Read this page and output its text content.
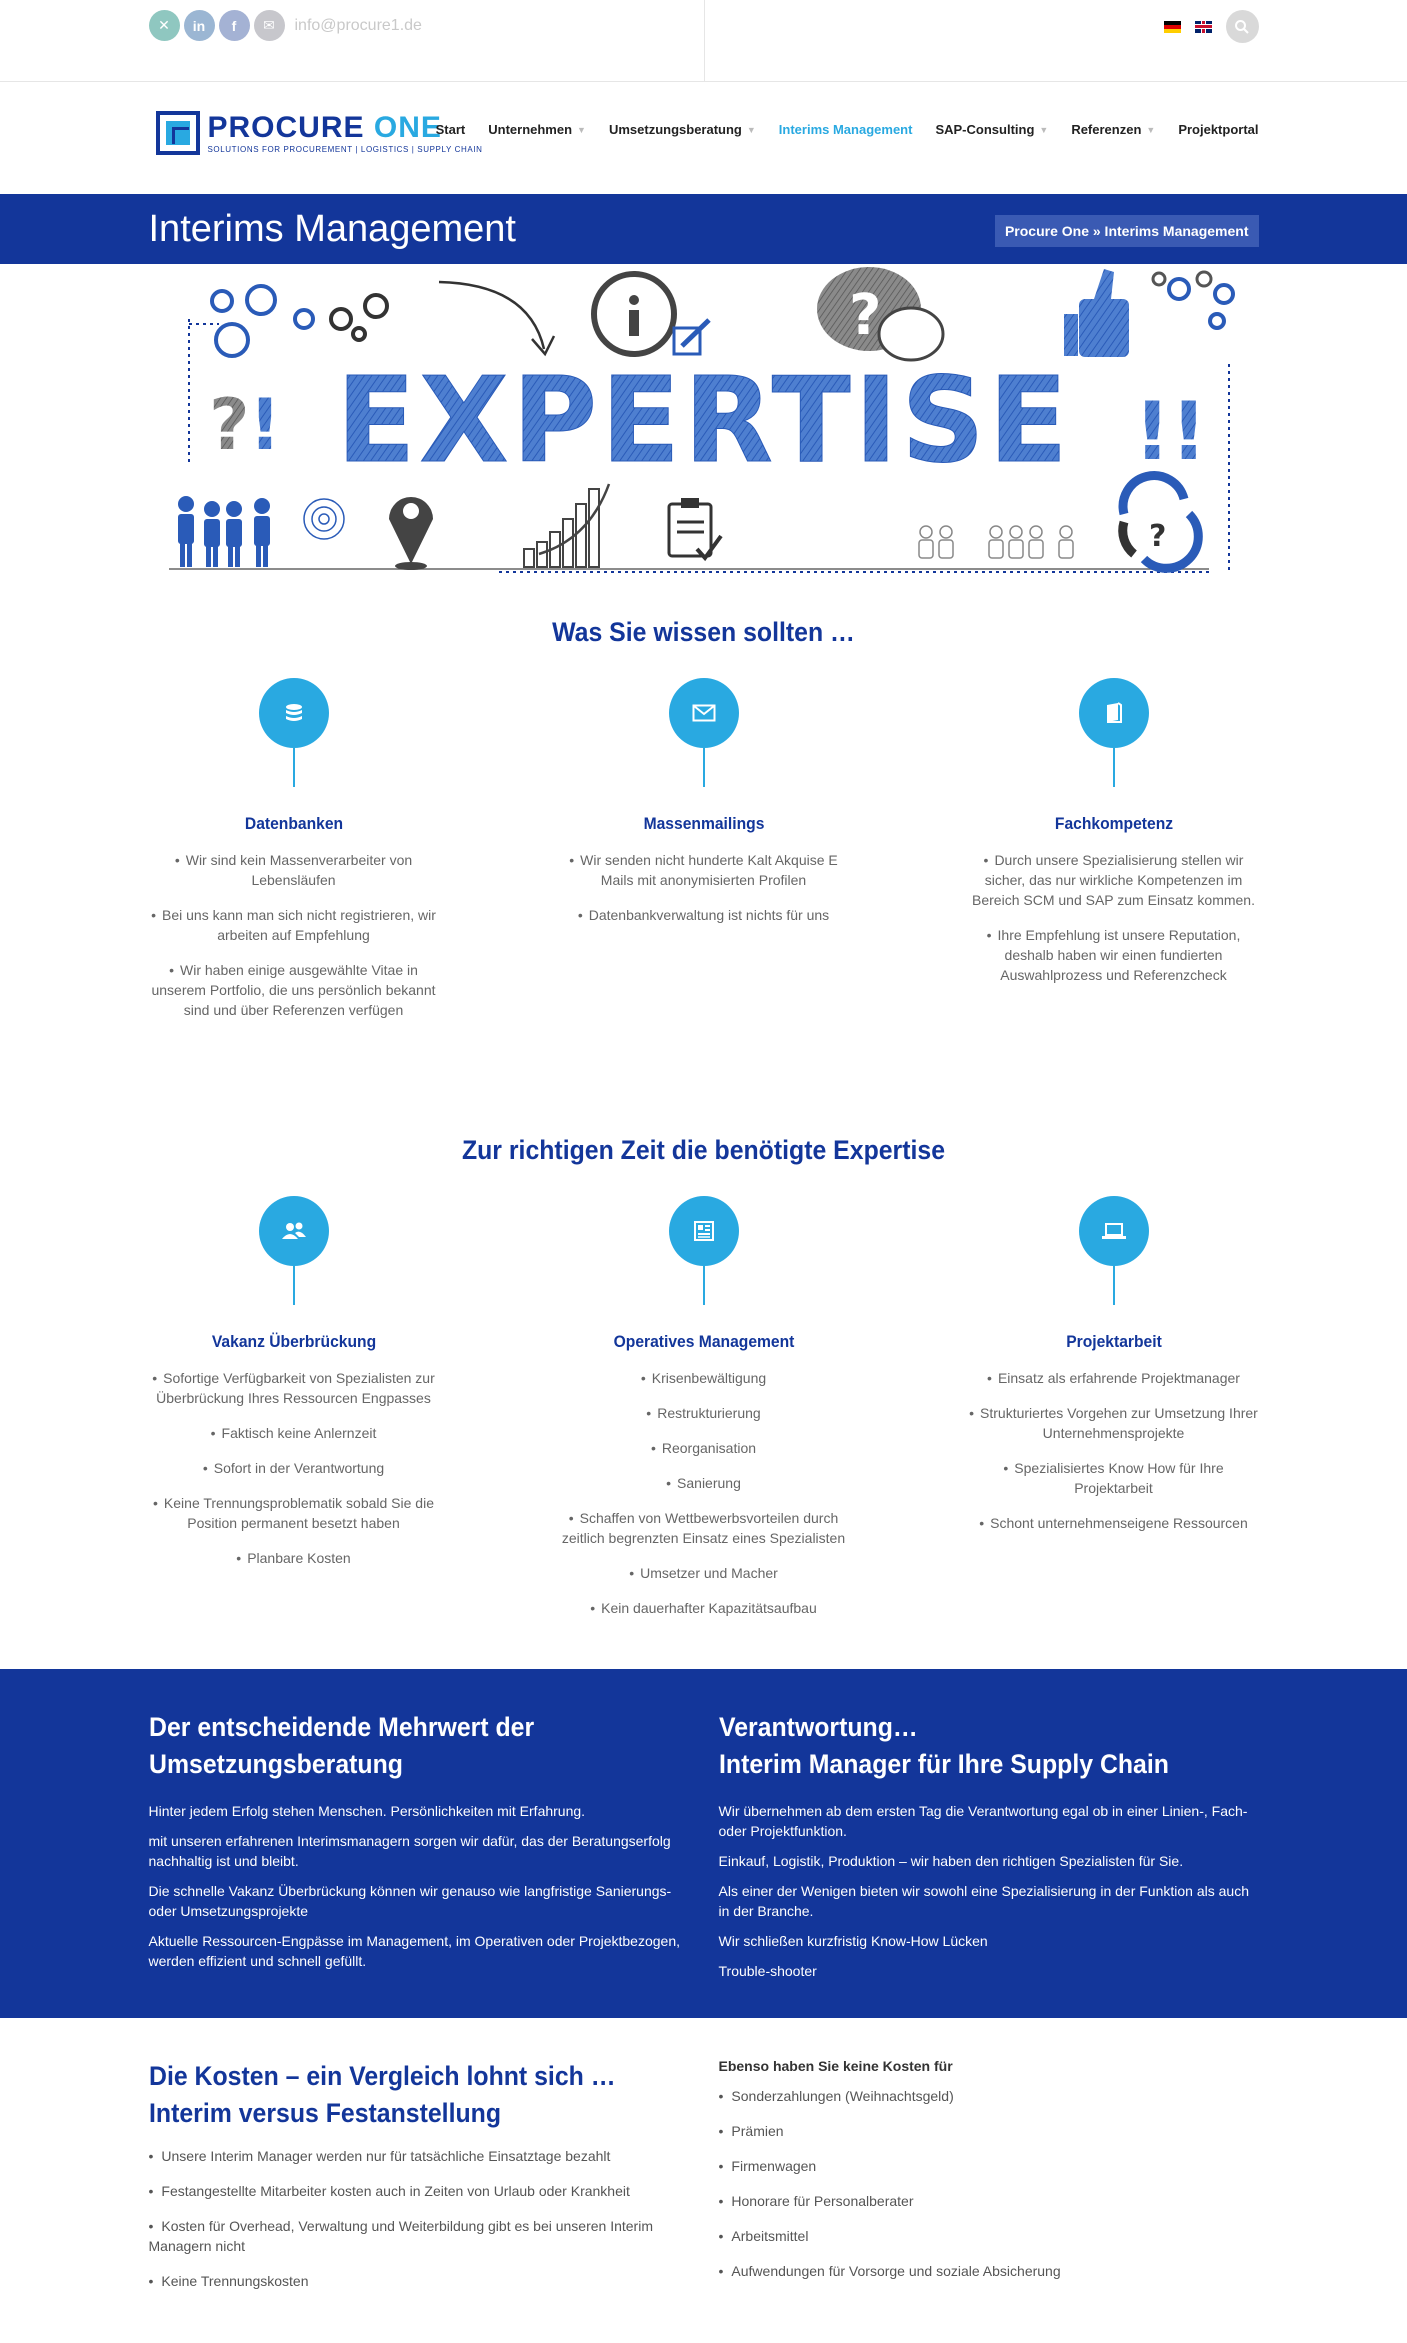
✕	in	f	✉	info@procure1.de
PROCURE ONE
SOLUTIONS FOR PROCUREMENT | LOGISTICS | SUPPLY CHAIN
Start Unternehmen ▼ Umsetzungsberatung ▼ Interims Management SAP-Consulting ▼ Referenzen ▼ Projektportal
Interims Management	Procure One » Interims Management
? !
?
EXPERTISE !!
?
Was Sie wissen sollten …
Datenbanken
• Wir sind kein Massenverarbeiter von Lebensläufen
• Bei uns kann man sich nicht registrieren, wir arbeiten auf Empfehlung
• Wir haben einige ausgewählte Vitae in unserem Portfolio, die uns persönlich bekannt sind und über Referenzen verfügen
Massenmailings
• Wir senden nicht hunderte Kalt Akquise E Mails mit anonymisierten Profilen
• Datenbankverwaltung ist nichts für uns
Fachkompetenz
• Durch unsere Spezialisierung stellen wir sicher, das nur wirkliche Kompetenzen im Bereich SCM und SAP zum Einsatz kommen.
• Ihre Empfehlung ist unsere Reputation, deshalb haben wir einen fundierten Auswahlprozess und Referenzcheck
Zur richtigen Zeit die benötigte Expertise
Vakanz Überbrückung
• Sofortige Verfügbarkeit von Spezialisten zur Überbrückung Ihres Ressourcen Engpasses
• Faktisch keine Anlernzeit
• Sofort in der Verantwortung
• Keine Trennungsproblematik sobald Sie die Position permanent besetzt haben
• Planbare Kosten
Operatives Management
• Krisenbewältigung
• Restrukturierung
• Reorganisation
• Sanierung
• Schaffen von Wettbewerbsvorteilen durch zeitlich begrenzten Einsatz eines Spezialisten
• Umsetzer und Macher
• Kein dauerhafter Kapazitätsaufbau
Projektarbeit
• Einsatz als erfahrende Projektmanager
• Strukturiertes Vorgehen zur Umsetzung Ihrer Unternehmensprojekte
• Spezialisiertes Know How für Ihre Projektarbeit
• Schont unternehmenseigene Ressourcen
Der entscheidende Mehrwert der
Umsetzungsberatung

Hinter jedem Erfolg stehen Menschen. Persönlichkeiten mit Erfahrung.

mit unseren erfahrenen Interimsmanagern sorgen wir dafür, das der Beratungserfolg nachhaltig ist und bleibt.

Die schnelle Vakanz Überbrückung können wir genauso wie langfristige Sanierungs- oder Umsetzungsprojekte

Aktuelle Ressourcen-Engpässe im Management, im Operativen oder Projektbezogen, werden effizient und schnell gefüllt.

Verantwortung…
Interim Manager für Ihre Supply Chain

Wir übernehmen ab dem ersten Tag die Verantwortung egal ob in einer Linien-, Fach- oder Projektfunktion.

Einkauf, Logistik, Produktion – wir haben den richtigen Spezialisten für Sie.

Als einer der Wenigen bieten wir sowohl eine Spezialisierung in der Funktion als auch in der Branche.

Wir schließen kurzfristig Know-How Lücken

Trouble-shooter

Die Kosten – ein Vergleich lohnt sich …
Interim versus Festanstellung
• Unsere Interim Manager werden nur für tatsächliche Einsatztage bezahlt
• Festangestellte Mitarbeiter kosten auch in Zeiten von Urlaub oder Krankheit
• Kosten für Overhead, Verwaltung und Weiterbildung gibt es bei unseren Interim Managern nicht
• Keine Trennungskosten
Ebenso haben Sie keine Kosten für
• Sonderzahlungen (Weihnachtsgeld)
• Prämien
• Firmenwagen
• Honorare für Personalberater
• Arbeitsmittel
• Aufwendungen für Vorsorge und soziale Absicherung
